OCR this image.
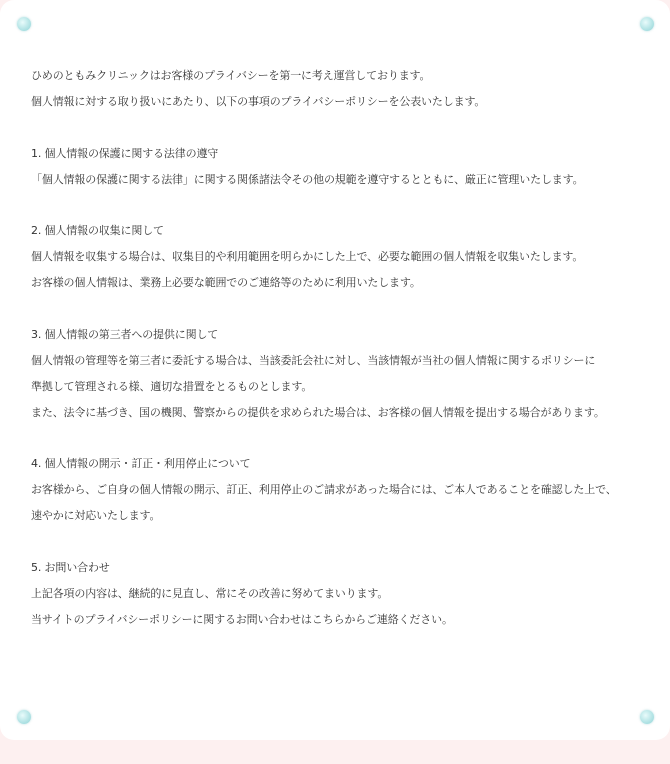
ひめのともみクリニックはお客様のプライバシーを第一に考え運営しております。
個人情報に対する取り扱いにあたり、以下の事項のプライバシーポリシーを公表いたします。
1. 個人情報の保護に関する法律の遵守
「個人情報の保護に関する法律」に関する関係諸法令その他の規範を遵守するとともに、厳正に管理いたします。
2. 個人情報の収集に関して
個人情報を収集する場合は、収集目的や利用範囲を明らかにした上で、必要な範囲の個人情報を収集いたします。
お客様の個人情報は、業務上必要な範囲でのご連絡等のために利用いたします。
3. 個人情報の第三者への提供に関して
個人情報の管理等を第三者に委託する場合は、当該委託会社に対し、当該情報が当社の個人情報に関するポリシーに
準拠して管理される様、適切な措置をとるものとします。
また、法令に基づき、国の機関、警察からの提供を求められた場合は、お客様の個人情報を提出する場合があります。
4. 個人情報の開示・訂正・利用停止について
お客様から、ご自身の個人情報の開示、訂正、利用停止のご請求があった場合には、ご本人であることを確認した上で、
速やかに対応いたします。
5. お問い合わせ
上記各項の内容は、継続的に見直し、常にその改善に努めてまいります。
当サイトのプライバシーポリシーに関するお問い合わせはこちらからご連絡ください。
